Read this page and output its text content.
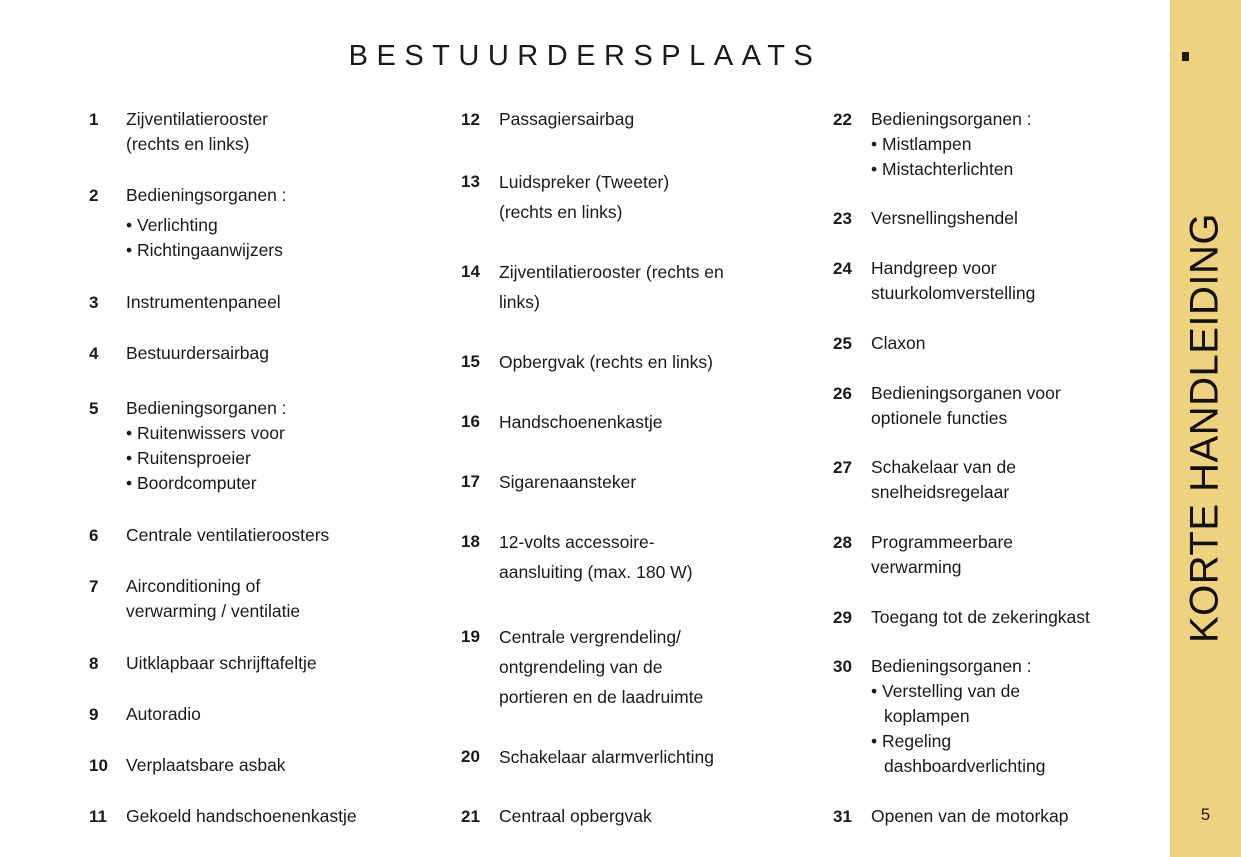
BESTUURDERSPLAATS
KORTE HANDLEIDING
5
1 Zijventilatierooster
(rechts en links)
2 Bedieningsorganen :
• Verlichting
• Richtingaanwijzers
3 Instrumentenpaneel
4 Bestuurdersairbag
5 Bedieningsorganen :
• Ruitenwissers voor
• Ruitensproeier
• Boordcomputer
6 Centrale ventilatieroosters
7 Airconditioning of
verwarming / ventilatie
8 Uitklapbaar schrijftafeltje
9 Autoradio
10 Verplaatsbare asbak
11 Gekoeld handschoenenkastje
12 Passagiersairbag
13 Luidspreker (Tweeter)
(rechts en links)
14 Zijventilatierooster (rechts en
links)
15 Opbergvak (rechts en links)
16 Handschoenenkastje
17 Sigarenaansteker
18 12-volts accessoire-
aansluiting (max. 180 W)
19 Centrale vergrendeling/
ontgrendeling van de
portieren en de laadruimte
20 Schakelaar alarmverlichting
21 Centraal opbergvak
22 Bedieningsorganen :
• Mistlampen
• Mistachterlichten
23 Versnellingshendel
24 Handgreep voor
stuurkolomverstelling
25 Claxon
26 Bedieningsorganen voor
optionele functies
27 Schakelaar van de
snelheidsregelaar
28 Programmeerbare
verwarming
29 Toegang tot de zekeringkast
30 Bedieningsorganen :
• Verstelling van de
koplampen
• Regeling
dashboardverlichting
31 Openen van de motorkap
